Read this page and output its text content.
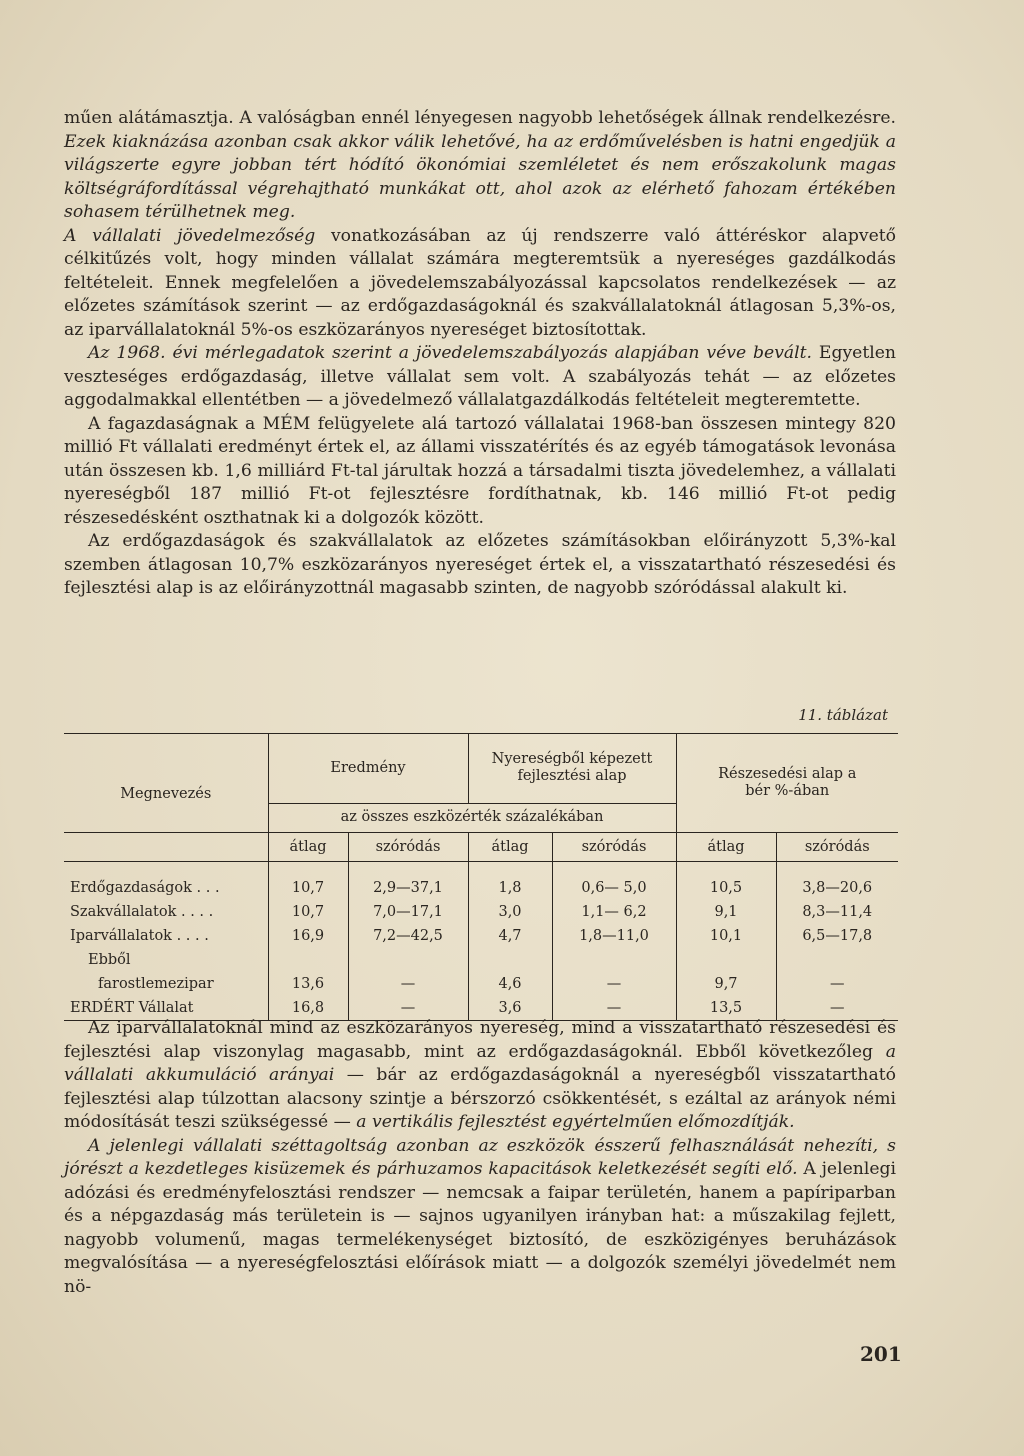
műen alátámasztja. A valóságban ennél lényegesen nagyobb lehetőségek állnak rendelkezésre. Ezek kiaknázása azonban csak akkor válik lehetővé, ha az erdőművelésben is hatni engedjük a világszerte egyre jobban tért hódító ökonómiai szemléletet és nem erőszakolunk magas költségráfordítással végrehajtható munkákat ott, ahol azok az elérhető fahozam értékében sohasem térülhetnek meg.

A vállalati jövedelmezőség vonatkozásában az új rendszerre való áttéréskor alapvető célkitűzés volt, hogy minden vállalat számára megteremtsük a nyereséges gazdálkodás feltételeit. Ennek megfelelően a jövedelemszabályozással kapcsolatos rendelkezések — az előzetes számítások szerint — az erdőgazdaságoknál és szakvállalatoknál átlagosan 5,3%-os, az iparvállalatoknál 5%-os eszközarányos nyereséget biztosítottak.

Az 1968. évi mérlegadatok szerint a jövedelemszabályozás alapjában véve bevált. Egyetlen veszteséges erdőgazdaság, illetve vállalat sem volt. A szabályozás tehát — az előzetes aggodalmakkal ellentétben — a jövedelmező vállalatgazdálkodás feltételeit megteremtette.

A fagazdaságnak a MÉM felügyelete alá tartozó vállalatai 1968-ban összesen mintegy 820 millió Ft vállalati eredményt értek el, az állami visszatérítés és az egyéb támogatások levonása után összesen kb. 1,6 milliárd Ft-tal járultak hozzá a társadalmi tiszta jövedelemhez, a vállalati nyereségből 187 millió Ft-ot fejlesztésre fordíthatnak, kb. 146 millió Ft-ot pedig részesedésként oszthatnak ki a dolgozók között.

Az erdőgazdaságok és szakvállalatok az előzetes számításokban előirányzott 5,3%-kal szemben átlagosan 10,7% eszközarányos nyereséget értek el, a visszatartható részesedési és fejlesztési alap is az előirányzottnál magasabb szinten, de nagyobb szóródással alakult ki.

11. táblázat
Megnevezés	Eredmény		Nyereségből képezett fejlesztési alap		Részesedési alap a bér %-ában	
	az összes eszközérték százalékában					
	átlag	szóródás	átlag	szóródás	átlag	szóródás
Erdőgazdaságok . . .	10,7	2,9—37,1	1,8	0,6— 5,0	10,5	3,8—20,6
Szakvállalatok . . . .	10,7	7,0—17,1	3,0	1,1— 6,2	9,1	8,3—11,4
Iparvállalatok . . . .	16,9	7,2—42,5	4,7	1,8—11,0	10,1	6,5—17,8
Ebből						
farostlemezipar	13,6	—	4,6	—	9,7	—
ERDÉRT Vállalat	16,8	—	3,6	—	13,5	—

Az iparvállalatoknál mind az eszközarányos nyereség, mind a visszatartható részesedési és fejlesztési alap viszonylag magasabb, mint az erdőgazdaságoknál. Ebből következőleg a vállalati akkumuláció arányai — bár az erdőgazdaságoknál a nyereségből visszatartható fejlesztési alap túlzottan alacsony szintje a bérszorzó csökkentését, s ezáltal az arányok némi módosítását teszi szükségessé — a vertikális fejlesztést egyértelműen előmozdítják.

A jelenlegi vállalati széttagoltság azonban az eszközök ésszerű felhasználását nehezíti, s jórészt a kezdetleges kisüzemek és párhuzamos kapacitások keletkezését segíti elő. A jelenlegi adózási és eredményfelosztási rendszer — nemcsak a faipar területén, hanem a papíriparban és a népgazdaság más területein is — sajnos ugyanilyen irányban hat: a műszakilag fejlett, nagyobb volumenű, magas termelékenységet biztosító, de eszközigényes beruházások megvalósítása — a nyereségfelosztási előírások miatt — a dolgozók személyi jövedelmét nem nö-

201
